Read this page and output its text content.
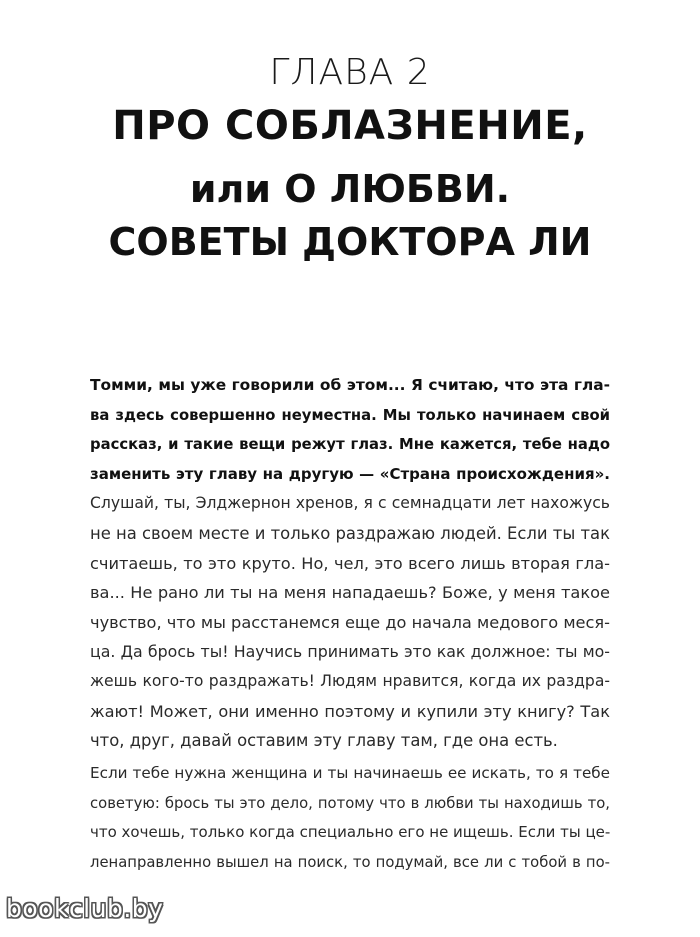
ГЛАВА 2
ПРО СОБЛАЗНЕНИЕ,
или О ЛЮБВИ.
СОВЕТЫ ДОКТОРА ЛИ
Томми, мы уже говорили об этом... Я считаю, что эта гла-
ва здесь совершенно неуместна. Мы только начинаем свой
рассказ, и такие вещи режут глаз. Мне кажется, тебе надо
заменить эту главу на другую — «Страна происхождения».
Слушай, ты, Элджернон хренов, я с семнадцати лет нахожусь
не на своем месте и только раздражаю людей. Если ты так
считаешь, то это круто. Но, чел, это всего лишь вторая гла-
ва... Не рано ли ты на меня нападаешь? Боже, у меня такое
чувство, что мы расстанемся еще до начала медового меся-
ца. Да брось ты! Научись принимать это как должное: ты мо-
жешь кого-то раздражать! Людям нравится, когда их раздра-
жают! Может, они именно поэтому и купили эту книгу? Так
что, друг, давай оставим эту главу там, где она есть.
Если тебе нужна женщина и ты начинаешь ее искать, то я тебе
советую: брось ты это дело, потому что в любви ты находишь то,
что хочешь, только когда специально его не ищешь. Если ты це-
ленаправленно вышел на поиск, то подумай, все ли с тобой в по-
bookclub.by
